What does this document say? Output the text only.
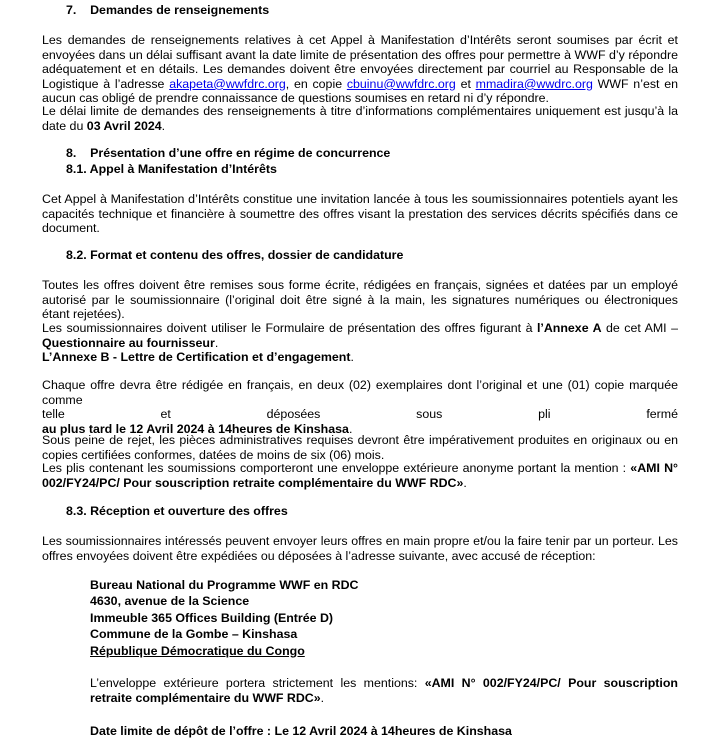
7.    Demandes de renseignements

Les demandes de renseignements relatives à cet Appel à Manifestation d’Intérêts seront soumises par écrit et envoyées dans un délai suffisant avant la date limite de présentation des offres pour permettre à WWF d’y répondre adéquatement et en détails. Les demandes doivent être envoyées directement par courriel au Responsable de la Logistique à l’adresse akapeta@wwfdrc.org, en copie cbuinu@wwfdrc.org et mmadira@wwdrc.org WWF n’est en aucun cas obligé de prendre connaissance de questions soumises en retard ni d’y répondre.

Le délai limite de demandes des renseignements à titre d’informations complémentaires uniquement est jusqu’à la date du 03 Avril 2024.

8.    Présentation d’une offre en régime de concurrence

8.1. Appel à Manifestation d’Intérêts

Cet Appel à Manifestation d’Intérêts constitue une invitation lancée à tous les soumissionnaires potentiels ayant les capacités technique et financière à soumettre des offres visant la prestation des services décrits spécifiés dans ce document.

8.2. Format et contenu des offres, dossier de candidature

Toutes les offres doivent être remises sous forme écrite, rédigées en français, signées et datées par un employé autorisé par le soumissionnaire (l’original doit être signé à la main, les signatures numériques ou électroniques étant rejetées).

Les soumissionnaires doivent utiliser le Formulaire de présentation des offres figurant à l’Annexe A de cet AMI – Questionnaire au fournisseur.
L’Annexe B - Lettre de Certification et d’engagement.

Chaque offre devra être rédigée en français, en deux (02) exemplaires dont l’original et une (01) copie marquée comme

telle et déposées sous pli fermé
au plus tard le 12 Avril 2024 à 14heures de Kinshasa.

Sous peine de rejet, les pièces administratives requises devront être impérativement produites en originaux ou en copies certifiées conformes, datées de moins de six (06) mois.

Les plis contenant les soumissions comporteront une enveloppe extérieure anonyme portant la mention : «AMI N° 002/FY24/PC/ Pour souscription retraite complémentaire du WWF RDC».

8.3. Réception et ouverture des offres

Les soumissionnaires intéressés peuvent envoyer leurs offres en main propre et/ou la faire tenir par un porteur. Les offres envoyées doivent être expédiées ou déposées à l’adresse suivante, avec accusé de réception:

Bureau National du Programme WWF en RDC
4630, avenue de la Science
Immeuble 365 Offices Building (Entrée D)
Commune de la Gombe – Kinshasa
République Démocratique du Congo

L’enveloppe extérieure portera strictement les mentions: «AMI N° 002/FY24/PC/ Pour souscription retraite complémentaire du WWF RDC».

Date limite de dépôt de l’offre : Le 12 Avril 2024 à 14heures de Kinshasa
